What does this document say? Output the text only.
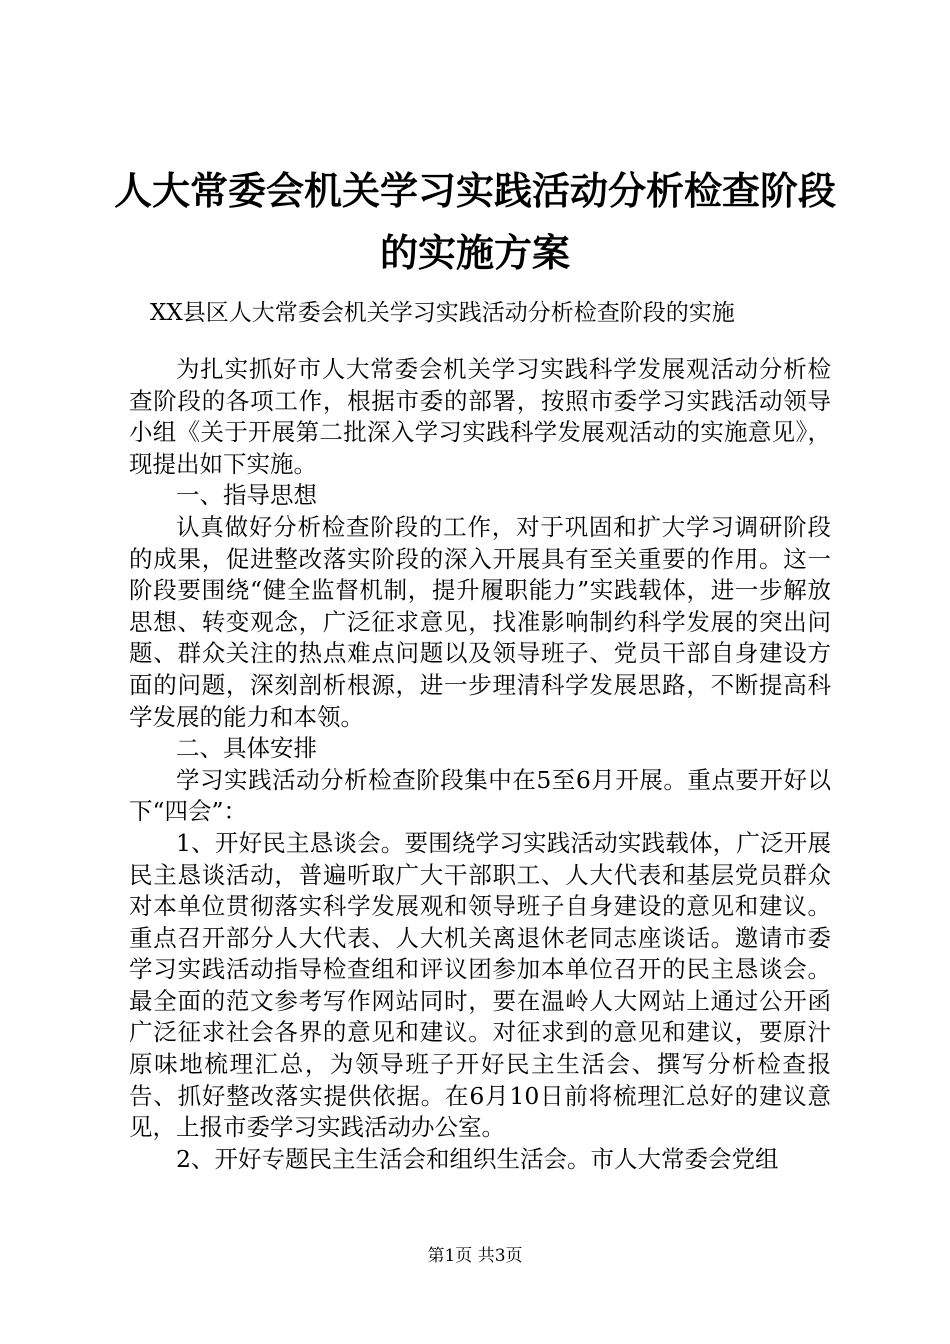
人大常委会机关学习实践活动分析检查阶段的实施方案
XX县区人大常委会机关学习实践活动分析检查阶段的实施

为扎实抓好市人大常委会机关学习实践科学发展观活动分析检查阶段的各项工作，根据市委的部署，按照市委学习实践活动领导小组《关于开展第二批深入学习实践科学发展观活动的实施意见》，现提出如下实施。

一、指导思想

认真做好分析检查阶段的工作，对于巩固和扩大学习调研阶段的成果，促进整改落实阶段的深入开展具有至关重要的作用。这一阶段要围绕“健全监督机制，提升履职能力”实践载体，进一步解放思想、转变观念，广泛征求意见，找准影响制约科学发展的突出问题、群众关注的热点难点问题以及领导班子、党员干部自身建设方面的问题，深刻剖析根源，进一步理清科学发展思路，不断提高科学发展的能力和本领。

二、具体安排

学习实践活动分析检查阶段集中在5至6月开展。重点要开好以下“四会”：

1、开好民主恳谈会。要围绕学习实践活动实践载体，广泛开展民主恳谈活动，普遍听取广大干部职工、人大代表和基层党员群众对本单位贯彻落实科学发展观和领导班子自身建设的意见和建议。重点召开部分人大代表、人大机关离退休老同志座谈话。邀请市委学习实践活动指导检查组和评议团参加本单位召开的民主恳谈会。最全面的范文参考写作网站同时，要在温岭人大网站上通过公开函广泛征求社会各界的意见和建议。对征求到的意见和建议，要原汁原味地梳理汇总，为领导班子开好民主生活会、撰写分析检查报告、抓好整改落实提供依据。在6月10日前将梳理汇总好的建议意见，上报市委学习实践活动办公室。

2、开好专题民主生活会和组织生活会。市人大常委会党组

第1页 共3页
